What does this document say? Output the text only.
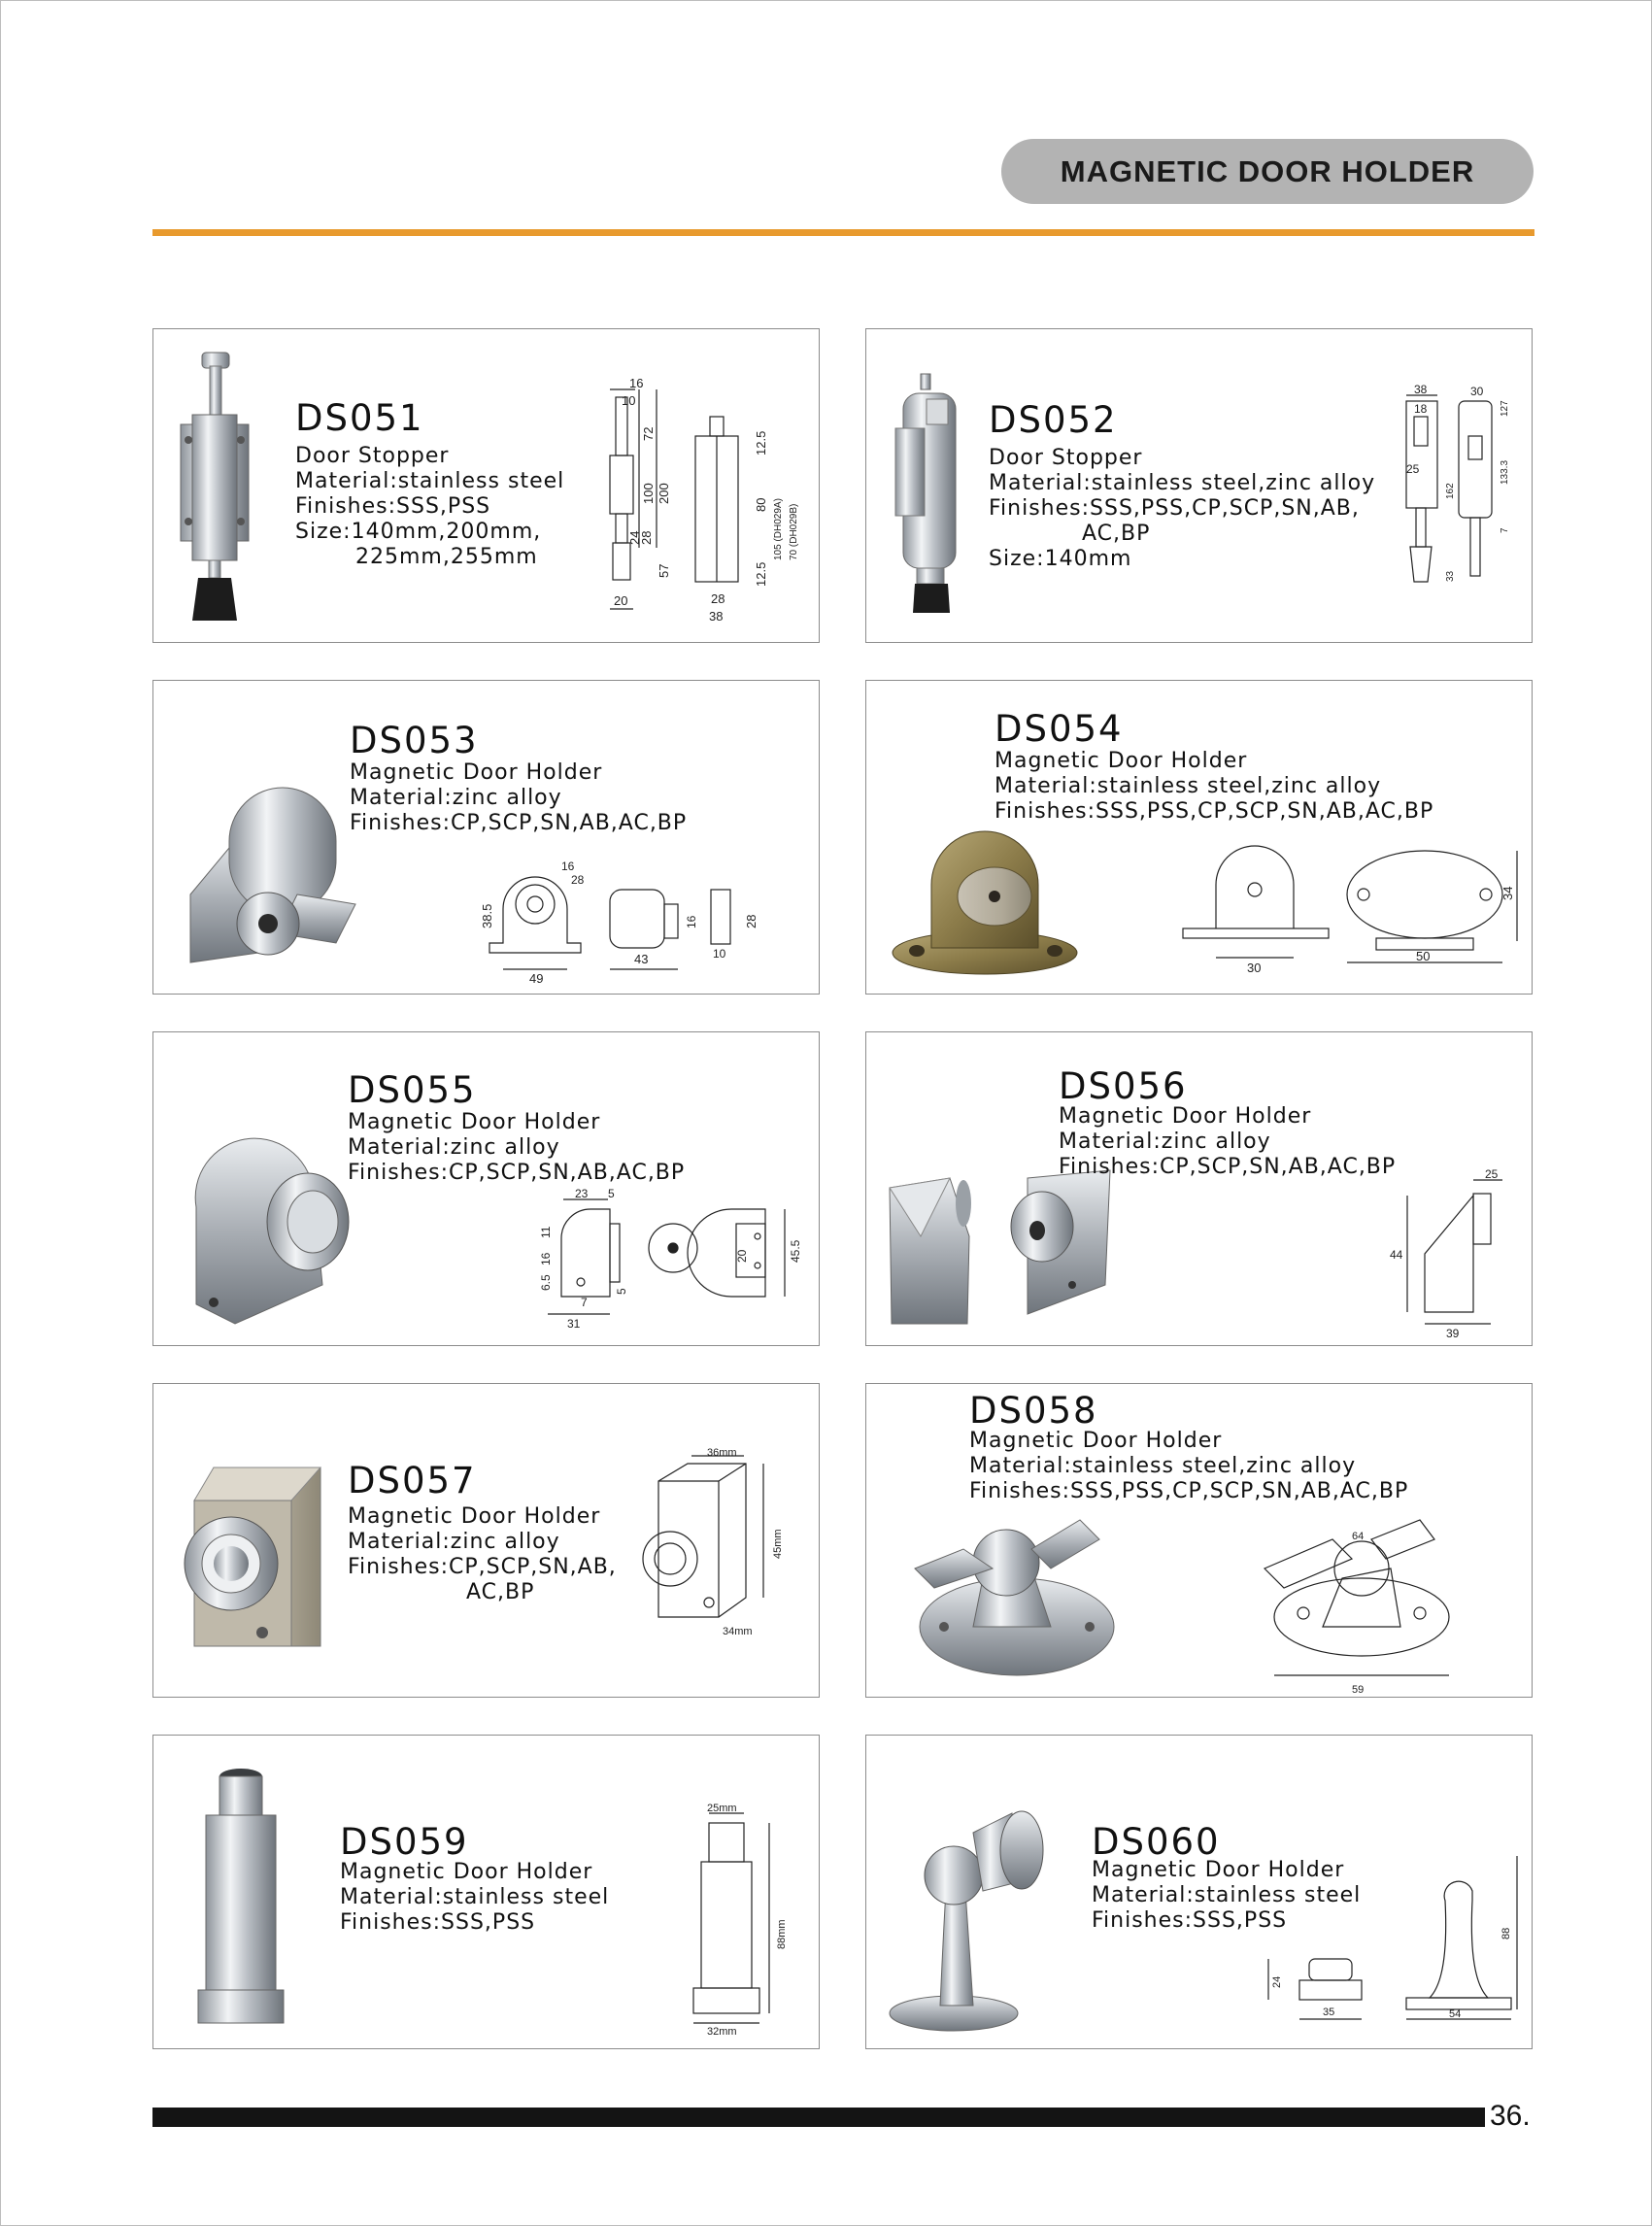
MAGNETIC DOOR HOLDER
DS051
Door Stopper
Material:stainless steel
Finishes:SSS,PSS
Size:140mm,200mm,
225mm,255mm
16
10
72
100 200
24
28
57
20
12.5
80 105 (DH029A) 70 (DH029B)
12.5
28
38
DS052
Door Stopper
Material:stainless steel,zinc alloy
Finishes:SSS,PSS,CP,SCP,SN,AB,
AC,BP
Size:140mm
38
18
25
30
127
133.3
162
7
33
DS053
Magnetic Door Holder
Material:zinc alloy
Finishes:CP,SCP,SN,AB,AC,BP
49
38.5
16
28
43
16	28
10
DS054
Magnetic Door Holder
Material:stainless steel,zinc alloy
Finishes:SSS,PSS,CP,SCP,SN,AB,AC,BP
30
50
34
DS055
Magnetic Door Holder
Material:zinc alloy
Finishes:CP,SCP,SN,AB,AC,BP
23 5
11
16
6.5
5
7
31
20	45.5
DS056
Magnetic Door Holder
Material:zinc alloy
Finishes:CP,SCP,SN,AB,AC,BP	25
44
39
DS057
Magnetic Door Holder
Material:zinc alloy
Finishes:CP,SCP,SN,AB,
AC,BP
36mm
45mm
34mm
DS058
Magnetic Door Holder
Material:stainless steel,zinc alloy
Finishes:SSS,PSS,CP,SCP,SN,AB,AC,BP
64
59
DS059
Magnetic Door Holder
Material:stainless steel
Finishes:SSS,PSS
25mm
88mm
32mm
DS060
Magnetic Door Holder
Material:stainless steel
Finishes:SSS,PSS
24
35
88
54
36.
